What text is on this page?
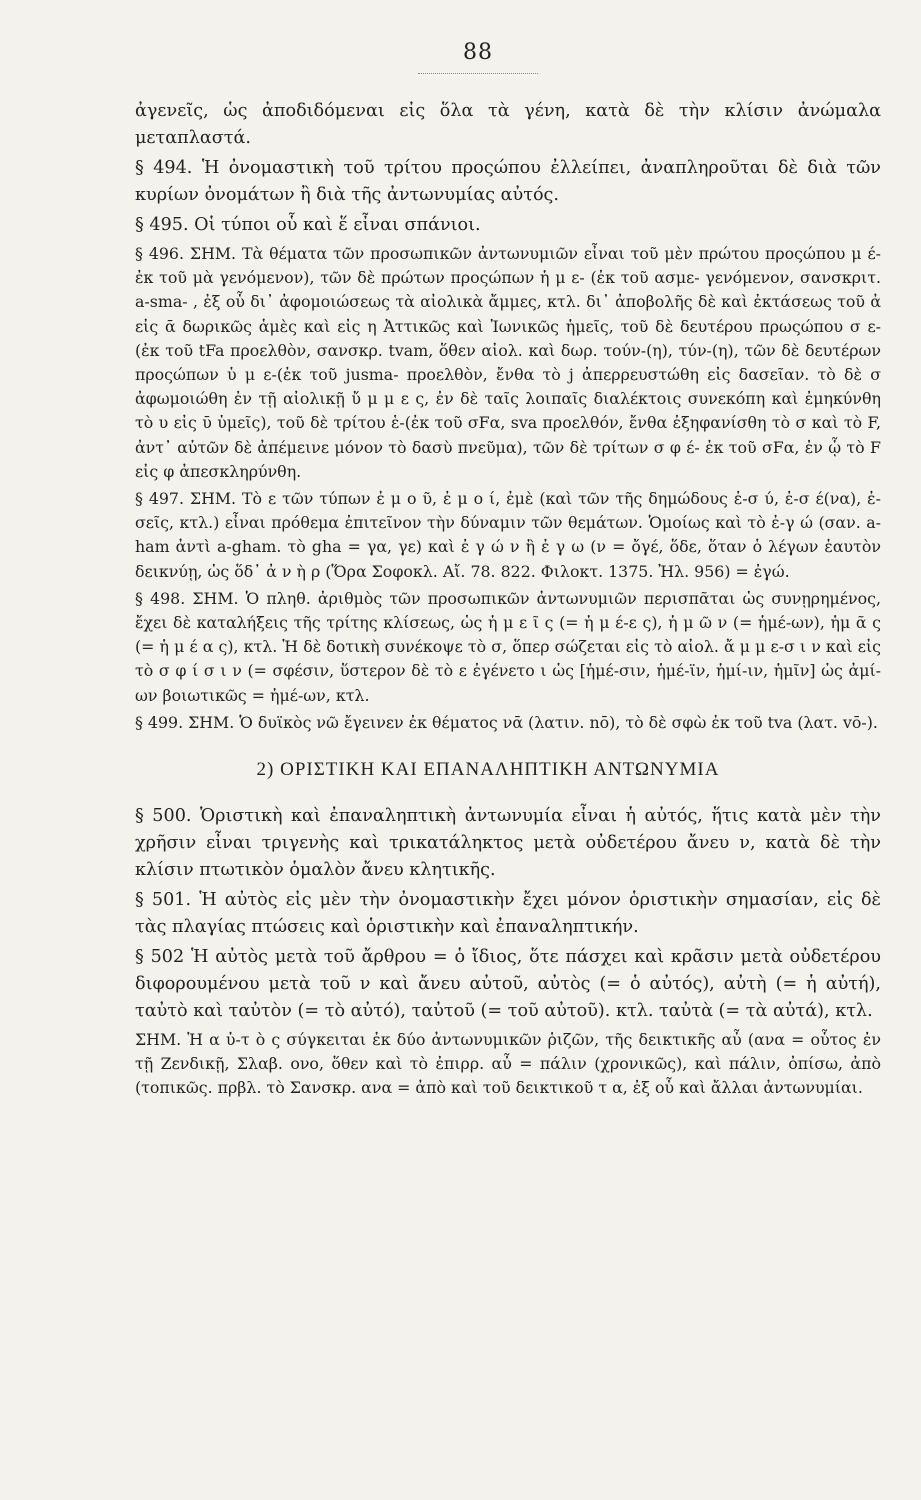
88

ἀγενεῖς, ὡς ἀποδιδόμεναι εἰς ὅλα τὰ γένη, κατὰ δὲ τὴν κλίσιν ἀνώμαλα μεταπλαστά.

§ 494. Ἡ ὀνομαστικὴ τοῦ τρίτου προςώπου ἐλλείπει, ἀναπληροῦται δὲ διὰ τῶν κυρίων ὀνομάτων ἢ διὰ τῆς ἀντωνυμίας αὐτός.

§ 495. Οἱ τύποι οὗ καὶ ἕ εἶναι σπάνιοι.

§ 496. ΣΗΜ. Τὰ θέματα τῶν προσωπικῶν ἀντωνυμιῶν εἶναι τοῦ μὲν πρώτου προςώπου μ έ- ἐκ τοῦ μὰ γενόμενον), τῶν δὲ πρώτων προςώπων ἡ μ ε- (ἐκ τοῦ ασμε- γενόμενον, σανσκριτ. a-sma- , ἐξ οὗ δι᾽ ἀφομοιώσεως τὰ αἰολικὰ ἄμμες, κτλ. δι᾽ ἀποβολῆς δὲ καὶ ἐκτάσεως τοῦ ἀ εἰς ᾱ δωρικῶς ἁμὲς καὶ εἰς η Ἀττικῶς καὶ Ἰωνικῶς ἡμεῖς, τοῦ δὲ δευτέρου πρωςώπου σ ε- (ἐκ τοῦ tFa προελθὸν, σανσκρ. tvam, ὅθεν αἰολ. καὶ δωρ. τούν-(η), τύν-(η), τῶν δὲ δευτέρων προςώπων ὑ μ ε-(ἐκ τοῦ jusma- προελθὸν, ἔνθα τὸ j ἀπερρευστώθη εἰς δασεῖαν. τὸ δὲ σ ἀφωμοιώθη ἐν τῇ αἰολικῇ ὔ μ μ ε ς, ἐν δὲ ταῖς λοιπαῖς διαλέκτοις συνεκόπη καὶ ἐμηκύνθη τὸ υ εἰς ῡ ὑμεῖς), τοῦ δὲ τρίτου ἑ-(ἐκ τοῦ σFα, sva προελθόν, ἔνθα ἐξηφανίσθη τὸ σ καὶ τὸ F, ἀντ᾽ αὐτῶν δὲ ἀπέμεινε μόνον τὸ δασὺ πνεῦμα), τῶν δὲ τρίτων σ φ έ- ἐκ τοῦ σFα, ἐν ᾧ τὸ F εἰς φ ἀπεσκληρύνθη.

§ 497. ΣΗΜ. Τὸ ε τῶν τύπων ἐ μ ο ῦ, ἐ μ ο ί, ἐμὲ (καὶ τῶν τῆς δημώδους ἐ-σ ύ, ἐ-σ έ(να), ἐ-σεῖς, κτλ.) εἶναι πρόθεμα ἐπιτεῖνον τὴν δύναμιν τῶν θεμάτων. Ὁμοίως καὶ τὸ ἐ-γ ώ (σαν. a-ham ἀντὶ a-gham. τὸ gha = γα, γε) καὶ ἐ γ ώ ν ἢ ἐ γ ω (ν = ὄγέ, ὅδε, ὅταν ὁ λέγων ἑαυτὸν δεικνύῃ, ὡς ὅδ᾽ ἀ ν ὴ ρ (Ὅρα Σοφοκλ. Αἴ. 78. 822. Φιλοκτ. 1375. Ἠλ. 956) = ἐγώ.

§ 498. ΣΗΜ. Ὁ πληθ. ἀριθμὸς τῶν προσωπικῶν ἀντωνυμιῶν περισπᾶται ὡς συνῃρημένος, ἔχει δὲ καταλήξεις τῆς τρίτης κλίσεως, ὡς ἡ μ ε ῖ ς (= ἡ μ έ-ε ς), ἡ μ ῶ ν (= ἡμέ-ων), ἡμ ᾶ ς (= ἡ μ έ α ς), κτλ. Ἡ δὲ δοτικὴ συνέκοψε τὸ σ, ὅπερ σώζεται εἰς τὸ αἰολ. ἄ μ μ ε-σ ι ν καὶ εἰς τὸ σ φ ί σ ι ν (= σφέσιν, ὕστερον δὲ τὸ ε ἐγένετο ι ὡς [ἡμέ-σιν, ἡμέ-ϊν, ἡμί-ιν, ἡμῖν] ὡς ἀμί-ων βοιωτικῶς = ἡμέ-ων, κτλ.

§ 499. ΣΗΜ. Ὁ δυϊκὸς νῶ ἔγεινεν ἐκ θέματος νᾱ (λατιν. nō), τὸ δὲ σφὼ ἐκ τοῦ tva (λατ. vō-).

2) ΟΡΙΣΤΙΚΗ ΚΑΙ ΕΠΑΝΑΛΗΠΤΙΚΗ ΑΝΤΩΝΥΜΙΑ

§ 500. Ὁριστικὴ καὶ ἐπαναληπτικὴ ἀντωνυμία εἶναι ἡ αὐτός, ἥτις κατὰ μὲν τὴν χρῆσιν εἶναι τριγενὴς καὶ τρικατάληκτος μετὰ οὐδετέρου ἄνευ ν, κατὰ δὲ τὴν κλίσιν πτωτικὸν ὁμαλὸν ἄνευ κλητικῆς.

§ 501. Ἡ αὐτὸς εἰς μὲν τὴν ὀνομαστικὴν ἔχει μόνον ὁριστικὴν σημασίαν, εἰς δὲ τὰς πλαγίας πτώσεις καὶ ὁριστικὴν καὶ ἐπαναληπτικήν.

§ 502 Ἡ αὐτὸς μετὰ τοῦ ἄρθρου = ὁ ἴδιος, ὅτε πάσχει καὶ κρᾶσιν μετὰ οὐδετέρου διφορουμένου μετὰ τοῦ ν καὶ ἄνευ αὐτοῦ, αὐτὸς (= ὁ αὐτός), αὐτὴ (= ἡ αὐτή), ταὐτὸ καὶ ταὐτὸν (= τὸ αὐτό), ταὐτοῦ (= τοῦ αὐτοῦ). κτλ. ταὐτὰ (= τὰ αὐτά), κτλ.

ΣΗΜ. Ἡ α ὐ-τ ὸ ς σύγκειται ἐκ δύο ἀντωνυμικῶν ῥιζῶν, τῆς δεικτικῆς αὖ (ανα = οὗτος ἐν τῇ Ζενδικῇ, Σλαβ. ονο, ὅθεν καὶ τὸ ἐπιρρ. αὖ = πάλιν (χρονικῶς), καὶ πάλιν, ὀπίσω, ἀπὸ (τοπικῶς. πρβλ. τὸ Σανσκρ. ανα = ἀπὸ καὶ τοῦ δεικτικοῦ τ α, ἐξ οὗ καὶ ἄλλαι ἀντωνυμίαι.
